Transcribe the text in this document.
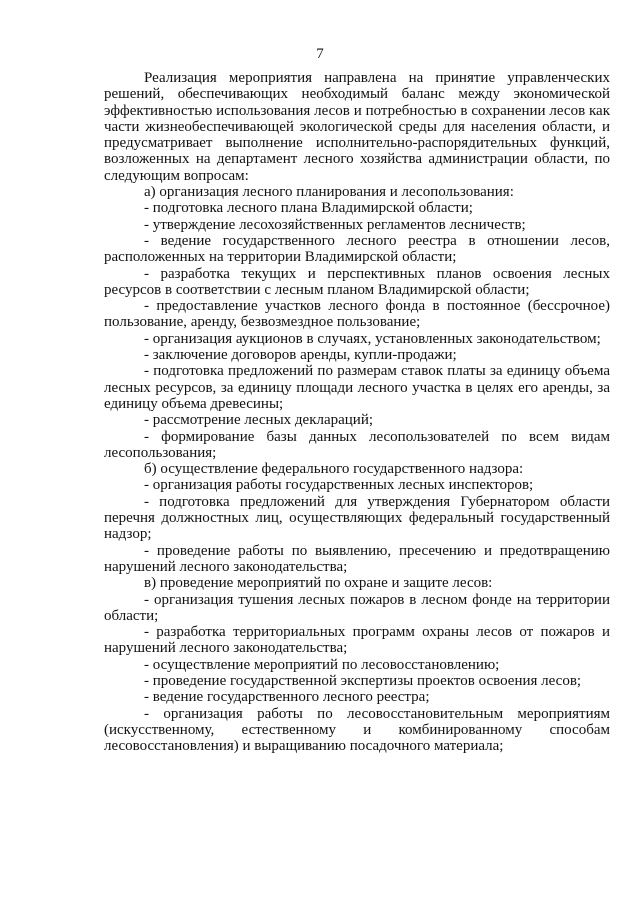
7

Реализация мероприятия направлена на принятие управленческих решений, обеспечивающих необходимый баланс между экономической эффективностью использования лесов и потребностью в сохранении лесов как части жизнеобеспечивающей экологической среды для населения области, и предусматривает выполнение исполнительно-распорядительных функций, возложенных на департамент лесного хозяйства администрации области, по следующим вопросам:

а) организация лесного планирования и лесопользования:

- подготовка лесного плана Владимирской области;

- утверждение лесохозяйственных регламентов лесничеств;

- ведение государственного лесного реестра в отношении лесов, расположенных на территории Владимирской области;

- разработка текущих и перспективных планов освоения лесных ресурсов в соответствии с лесным планом Владимирской области;

- предоставление участков лесного фонда в постоянное (бессрочное) пользование, аренду, безвозмездное пользование;

- организация аукционов в случаях, установленных законодательством;

- заключение договоров аренды, купли-продажи;

- подготовка предложений по размерам ставок платы за единицу объема лесных ресурсов, за единицу площади лесного участка в целях его аренды, за единицу объема древесины;

- рассмотрение лесных деклараций;

- формирование базы данных лесопользователей по всем видам лесопользования;

б) осуществление федерального государственного надзора:

- организация работы государственных лесных инспекторов;

- подготовка предложений для утверждения Губернатором области перечня должностных лиц, осуществляющих федеральный государственный надзор;

- проведение работы по выявлению, пресечению и предотвращению нарушений лесного законодательства;

в) проведение мероприятий по охране и защите лесов:

- организация тушения лесных пожаров в лесном фонде на территории области;

- разработка территориальных программ охраны лесов от пожаров и нарушений лесного законодательства;

- осуществление мероприятий по лесовосстановлению;

- проведение государственной экспертизы проектов освоения лесов;

- ведение государственного лесного реестра;

- организация работы по лесовосстановительным мероприятиям (искусственному, естественному и комбинированному способам лесовосстановления) и выращиванию посадочного материала;
